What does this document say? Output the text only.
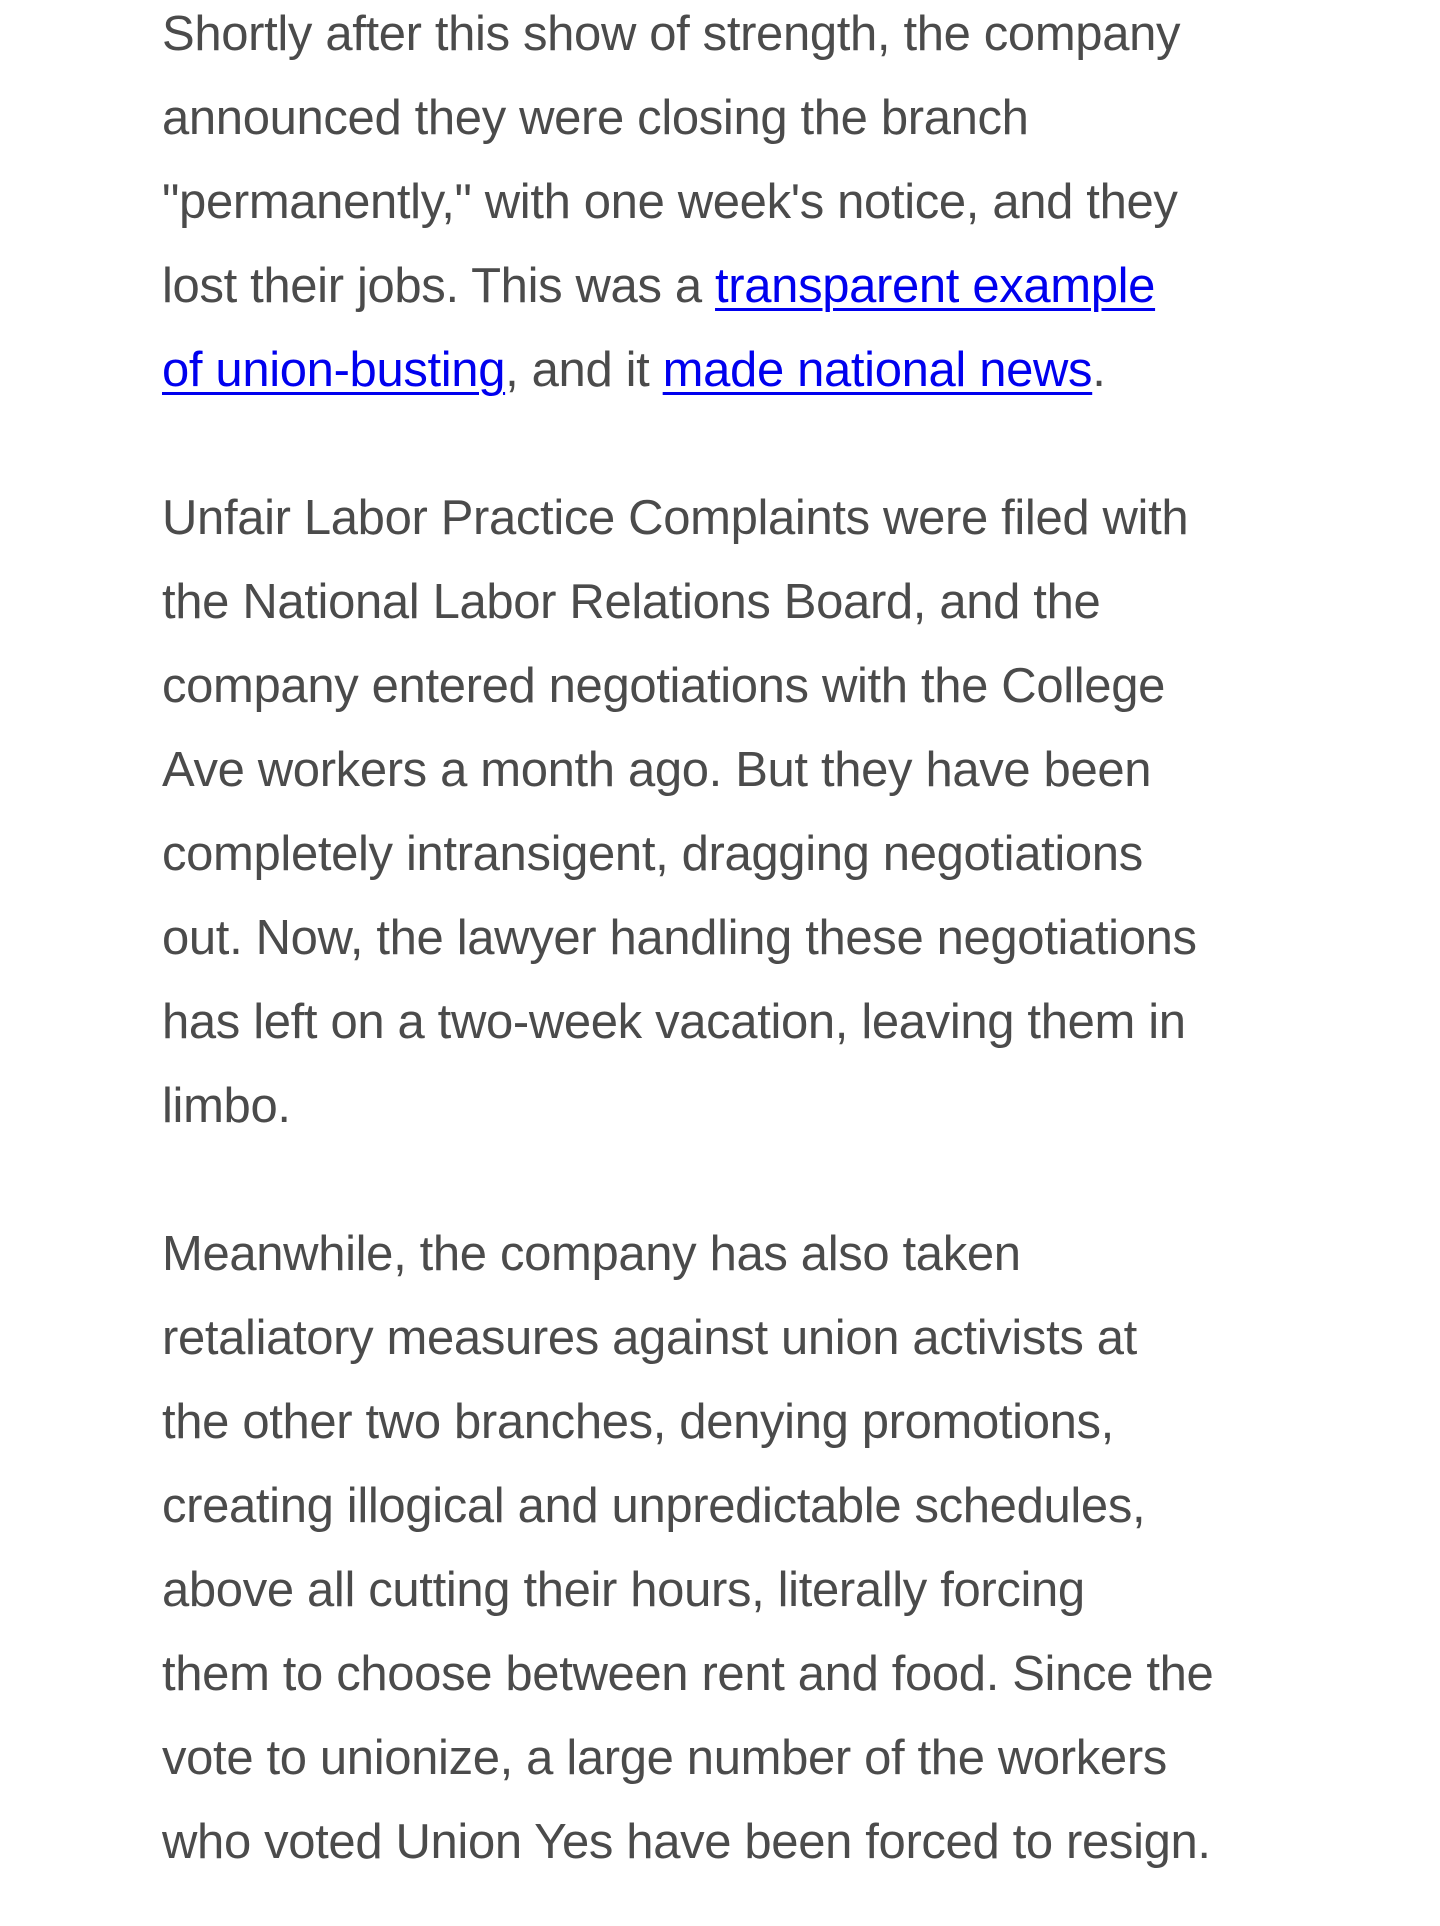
Shortly after this show of strength, the company
announced they were closing the branch
"permanently," with one week's notice, and they
lost their jobs. This was a transparent example
of union-busting, and it made national news.

Unfair Labor Practice Complaints were filed with
the National Labor Relations Board, and the
company entered negotiations with the College
Ave workers a month ago. But they have been
completely intransigent, dragging negotiations
out. Now, the lawyer handling these negotiations
has left on a two-week vacation, leaving them in
limbo.

Meanwhile, the company has also taken
retaliatory measures against union activists at
the other two branches, denying promotions,
creating illogical and unpredictable schedules,
above all cutting their hours, literally forcing
them to choose between rent and food. Since the
vote to unionize, a large number of the workers
who voted Union Yes have been forced to resign.
